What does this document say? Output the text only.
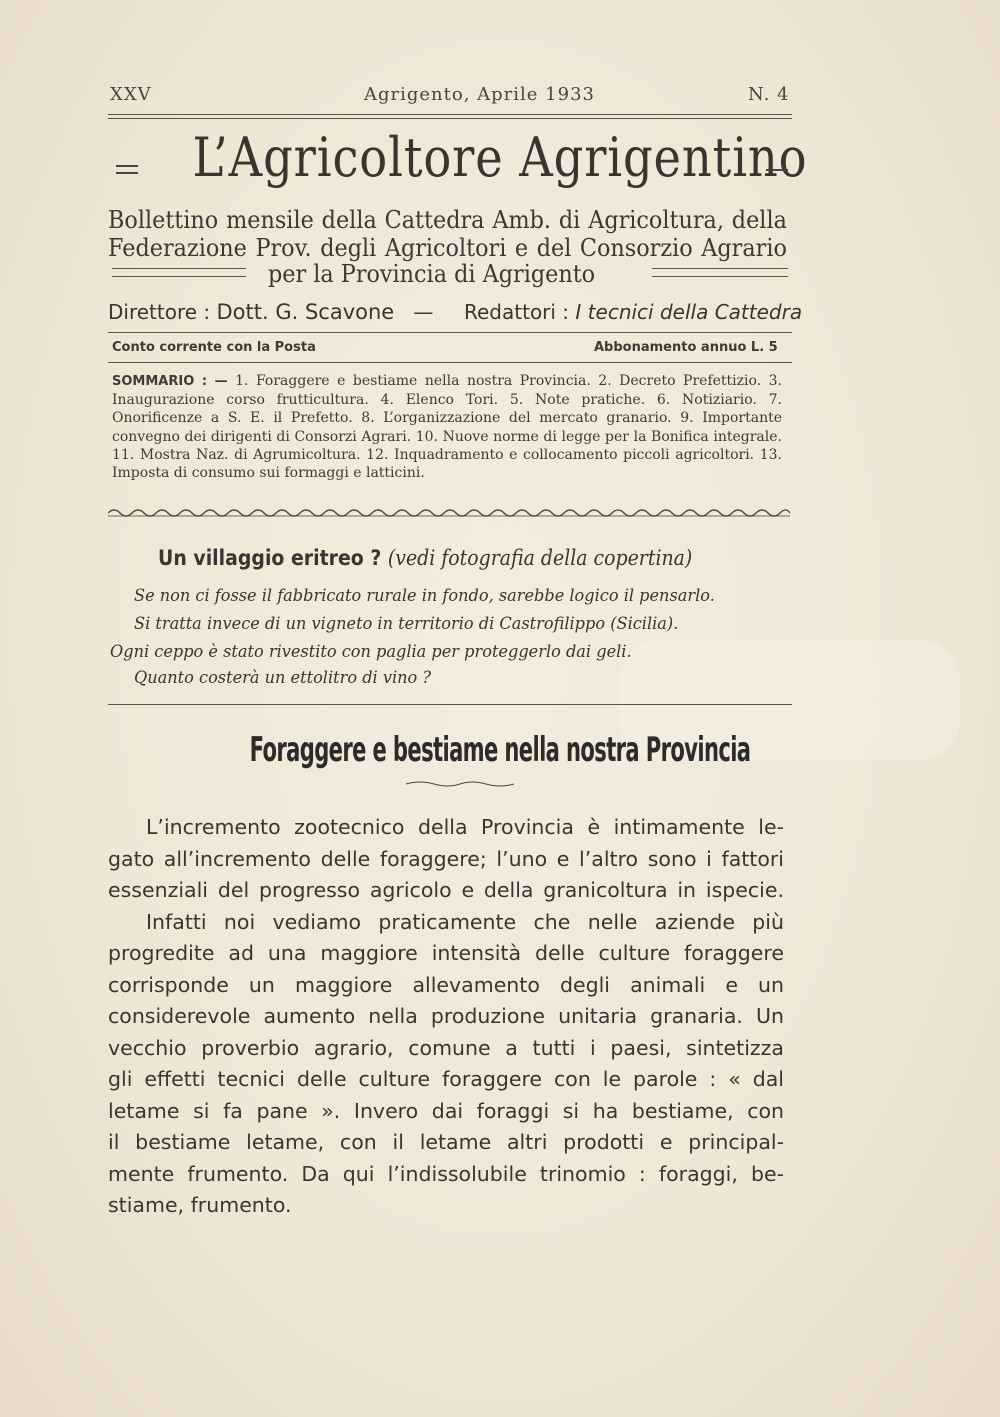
XXV	Agrigento, Aprile 1933	N. 4
L’Agricoltore Agrigentino
Bollettino mensile della Cattedra Amb. di Agricoltura, della
Federazione Prov. degli Agricoltori e del Consorzio Agrario
per la Provincia di Agrigento
Direttore : Dott. G. Scavone — Redattori : I tecnici della Cattedra
Conto corrente con la Posta	Abbonamento annuo L. 5
SOMMARIO : — 1. Foraggere e bestiame nella nostra Provincia. 2. Decreto Prefettizio. 3. Inaugurazione corso frutticultura. 4. Elenco Tori. 5. Note pratiche. 6. Notiziario. 7. Onorificenze a S. E. il Prefetto. 8. L’organizzazione del mercato granario. 9. Importante convegno dei dirigenti di Consorzi Agrari. 10. Nuove norme di legge per la Bonifica integrale. 11. Mostra Naz. di Agrumicoltura. 12. Inquadramento e collocamento piccoli agricoltori. 13. Imposta di consumo sui formaggi e latticini.
Un villaggio eritreo ? (vedi fotografia della copertina)
Se non ci fosse il fabbricato rurale in fondo, sarebbe logico il pensarlo.
Si tratta invece di un vigneto in territorio di Castrofilippo (Sicilia).
Ogni ceppo è stato rivestito con paglia per proteggerlo dai geli.
Quanto costerà un ettolitro di vino ?
Foraggere e bestiame nella nostra Provincia
L’incremento zootecnico della Provincia è intimamente le-
gato all’incremento delle foraggere; l’uno e l’altro sono i fattori
essenziali del progresso agricolo e della granicoltura in ispecie.
Infatti noi vediamo praticamente che nelle aziende più
progredite ad una maggiore intensità delle culture foraggere
corrisponde un maggiore allevamento degli animali e un
considerevole aumento nella produzione unitaria granaria. Un
vecchio proverbio agrario, comune a tutti i paesi, sintetizza
gli effetti tecnici delle culture foraggere con le parole : « dal
letame si fa pane ». Invero dai foraggi si ha bestiame, con
il bestiame letame, con il letame altri prodotti e principal-
mente frumento. Da qui l’indissolubile trinomio : foraggi, be-
stiame, frumento.
